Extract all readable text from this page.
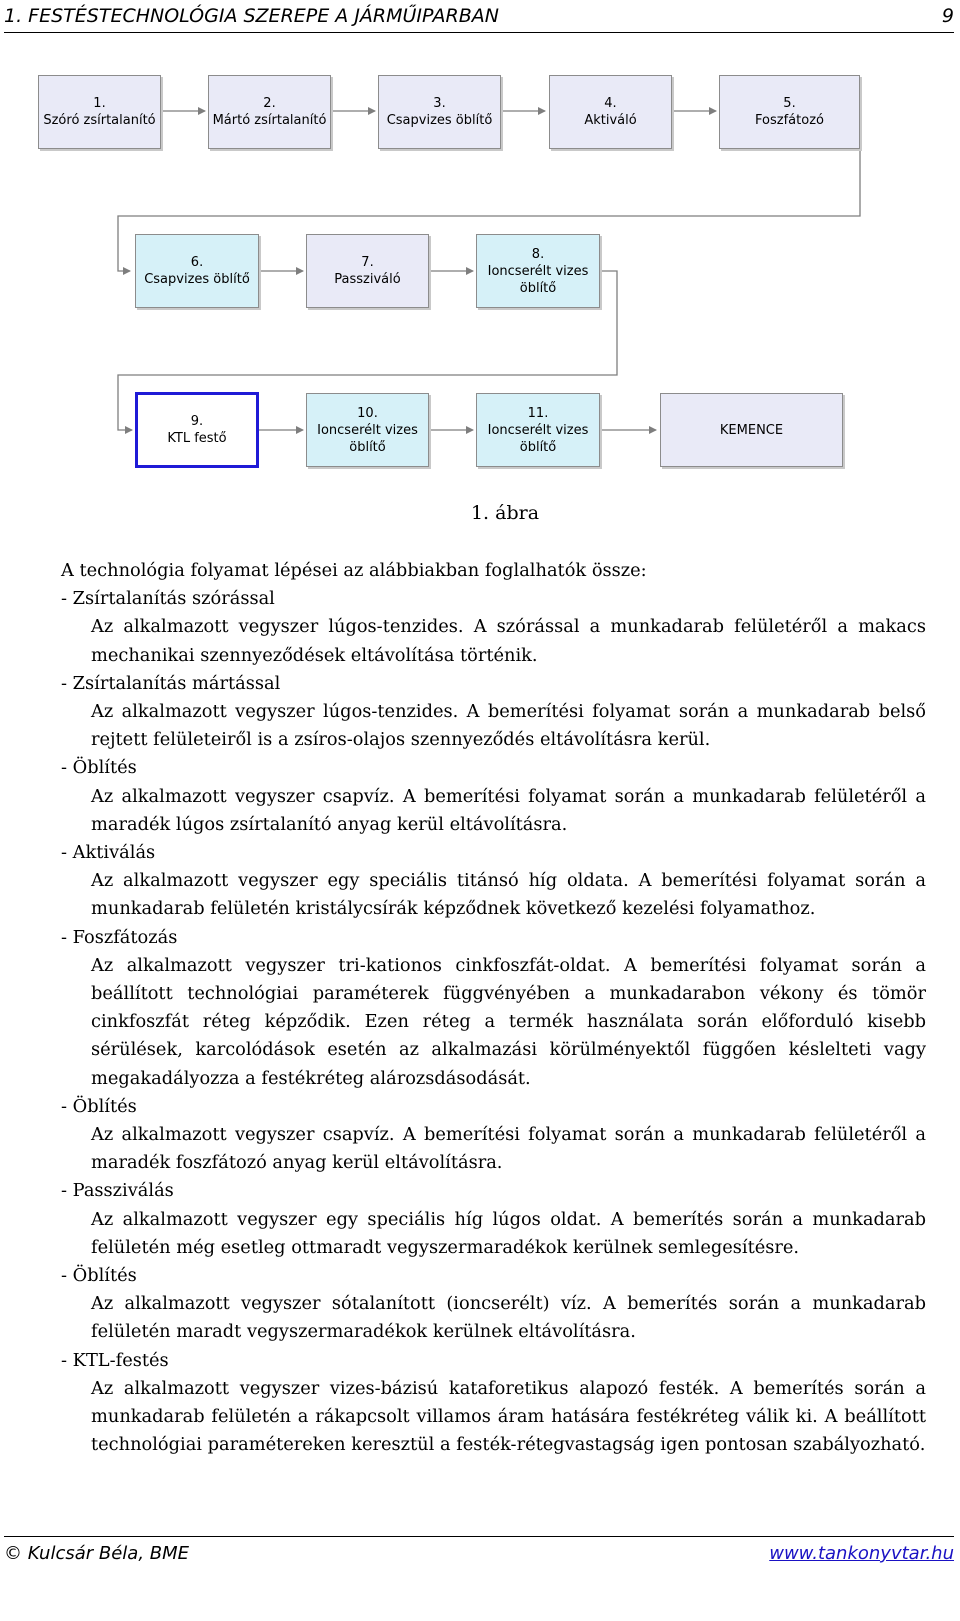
1. FESTÉSTECHNOLÓGIA SZEREPE A JÁRMŰIPARBAN	9
1.
Szóró zsírtalanító
2.
Mártó zsírtalanító
3.
Csapvizes öblítő
4.
Aktiváló
5.
Foszfátozó
6.
Csapvizes öblítő
7.
Passziváló
8.
Ioncserélt vizes
öblítő
9.
KTL festő
10.
Ioncserélt vizes
öblítő
11.
Ioncserélt vizes
öblítő
KEMENCE
1. ábra

A technológia folyamat lépései az alábbiakban foglalhatók össze:

- Zsírtalanítás szórással

Az alkalmazott vegyszer lúgos-tenzides. A szórással a munkadarab felületéről a makacs mechanikai szennyeződések eltávolítása történik.

- Zsírtalanítás mártással

Az alkalmazott vegyszer lúgos-tenzides. A bemerítési folyamat során a munkadarab belső rejtett felületeiről is a zsíros-olajos szennyeződés eltávolításra kerül.

- Öblítés

Az alkalmazott vegyszer csapvíz. A bemerítési folyamat során a munkadarab felületéről a maradék lúgos zsírtalanító anyag kerül eltávolításra.

- Aktiválás

Az alkalmazott vegyszer egy speciális titánsó híg oldata. A bemerítési folyamat során a munkadarab felületén kristálycsírák képződnek következő kezelési folyamathoz.

- Foszfátozás

Az alkalmazott vegyszer tri-kationos cinkfoszfát-oldat. A bemerítési folyamat során a beállított technológiai paraméterek függvényében a munkadarabon vékony és tömör cinkfoszfát réteg képződik. Ezen réteg a termék használata során előforduló kisebb sérülések, karcolódások esetén az alkalmazási körülményektől függően késlelteti vagy megakadályozza a festékréteg alározsdásodását.

- Öblítés

Az alkalmazott vegyszer csapvíz. A bemerítési folyamat során a munkadarab felületéről a maradék foszfátozó anyag kerül eltávolításra.

- Passziválás

Az alkalmazott vegyszer egy speciális híg lúgos oldat. A bemerítés során a munkadarab felületén még esetleg ottmaradt vegyszermaradékok kerülnek semlegesítésre.

- Öblítés

Az alkalmazott vegyszer sótalanított (ioncserélt) víz. A bemerítés során a munkadarab felületén maradt vegyszermaradékok kerülnek eltávolításra.

- KTL-festés

Az alkalmazott vegyszer vizes-bázisú kataforetikus alapozó festék. A bemerítés során a munkadarab felületén a rákapcsolt villamos áram hatására festékréteg válik ki. A beállított technológiai paramétereken keresztül a festék-rétegvastagság igen pontosan szabályozható.

© Kulcsár Béla, BME	www.tankonyvtar.hu
